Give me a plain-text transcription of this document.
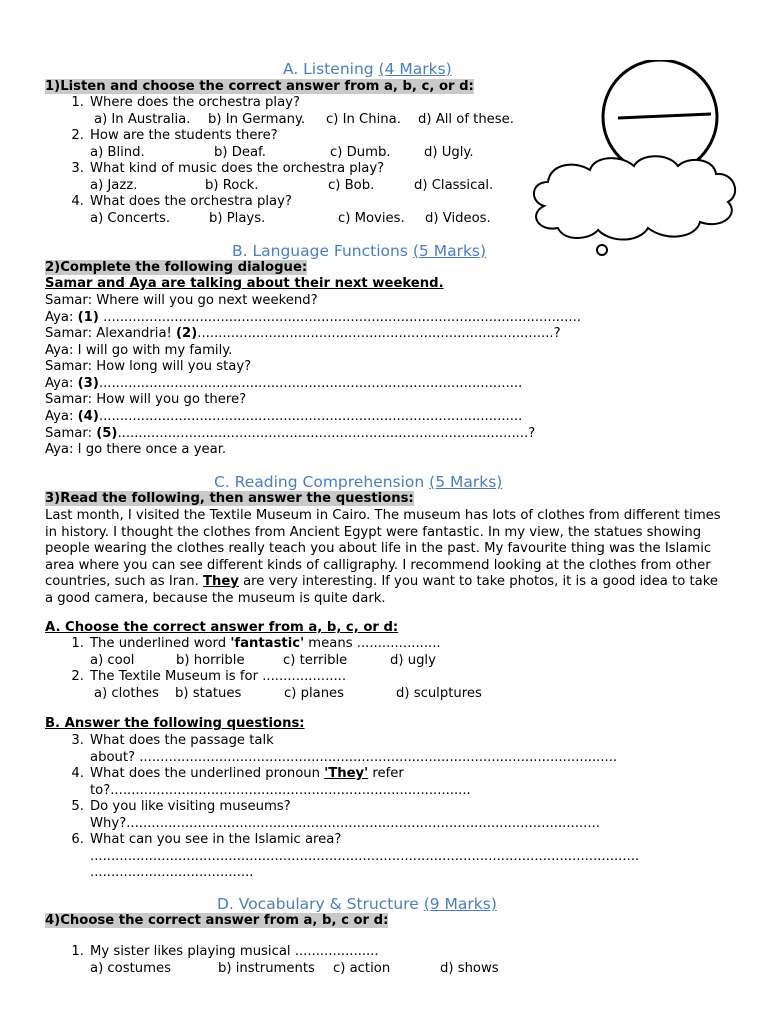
A. Listening (4 Marks)
1)Listen and choose the correct answer from a, b, c, or d:
1. Where does the orchestra play?
a) In Australia. b) In Germany. c) In China. d) All of these.
2. How are the students there?
a) Blind.	b) Deaf.	c) Dumb.	d) Ugly.
3. What kind of music does the orchestra play?
a) Jazz.	b) Rock.	c) Bob.	d) Classical.
4. What does the orchestra play?
a) Concerts.	b) Plays.	c) Movies. d) Videos.
B. Language Functions (5 Marks)
2)Complete the following dialogue:
Samar and Aya are talking about their next weekend.
Samar: Where will you go next weekend?
Aya: (1) ..................................................................................................................
Samar: Alexandria! (2).....................................................................................?
Aya: I will go with my family.
Samar: How long will you stay?
Aya: (3).....................................................................................................
Samar: How will you go there?
Aya: (4).....................................................................................................
Samar: (5)..................................................................................................?
Aya: I go there once a year.
C. Reading Comprehension (5 Marks)
3)Read the following, then answer the questions:
Last month, I visited the Textile Museum in Cairo. The museum has lots of clothes from different times in history. I thought the clothes from Ancient Egypt were fantastic. In my view, the statues showing people wearing the clothes really teach you about life in the past. My favourite thing was the Islamic area where you can see different kinds of calligraphy. I recommend looking at the clothes from other countries, such as Iran. They are very interesting. If you want to take photos, it is a good idea to take a good camera, because the museum is quite dark.
A. Choose the correct answer from a, b, c, or d:
1. The underlined word 'fantastic' means ....................
a) cool	b) horrible	c) terrible	d) ugly
2. The Textile Museum is for ....................
a) clothes b) statues	c) planes	d) sculptures
B. Answer the following questions:
3. What does the passage talk
about? ..................................................................................................................
4. What does the underlined pronoun 'They' refer
to?......................................................................................
5. Do you like visiting museums?
Why?.................................................................................................................
6. What can you see in the Islamic area?
...................................................................................................................................
.......................................
D. Vocabulary & Structure (9 Marks)
4)Choose the correct answer from a, b, c or d:
1. My sister likes playing musical ....................
a) costumes	b) instruments c) action	d) shows
